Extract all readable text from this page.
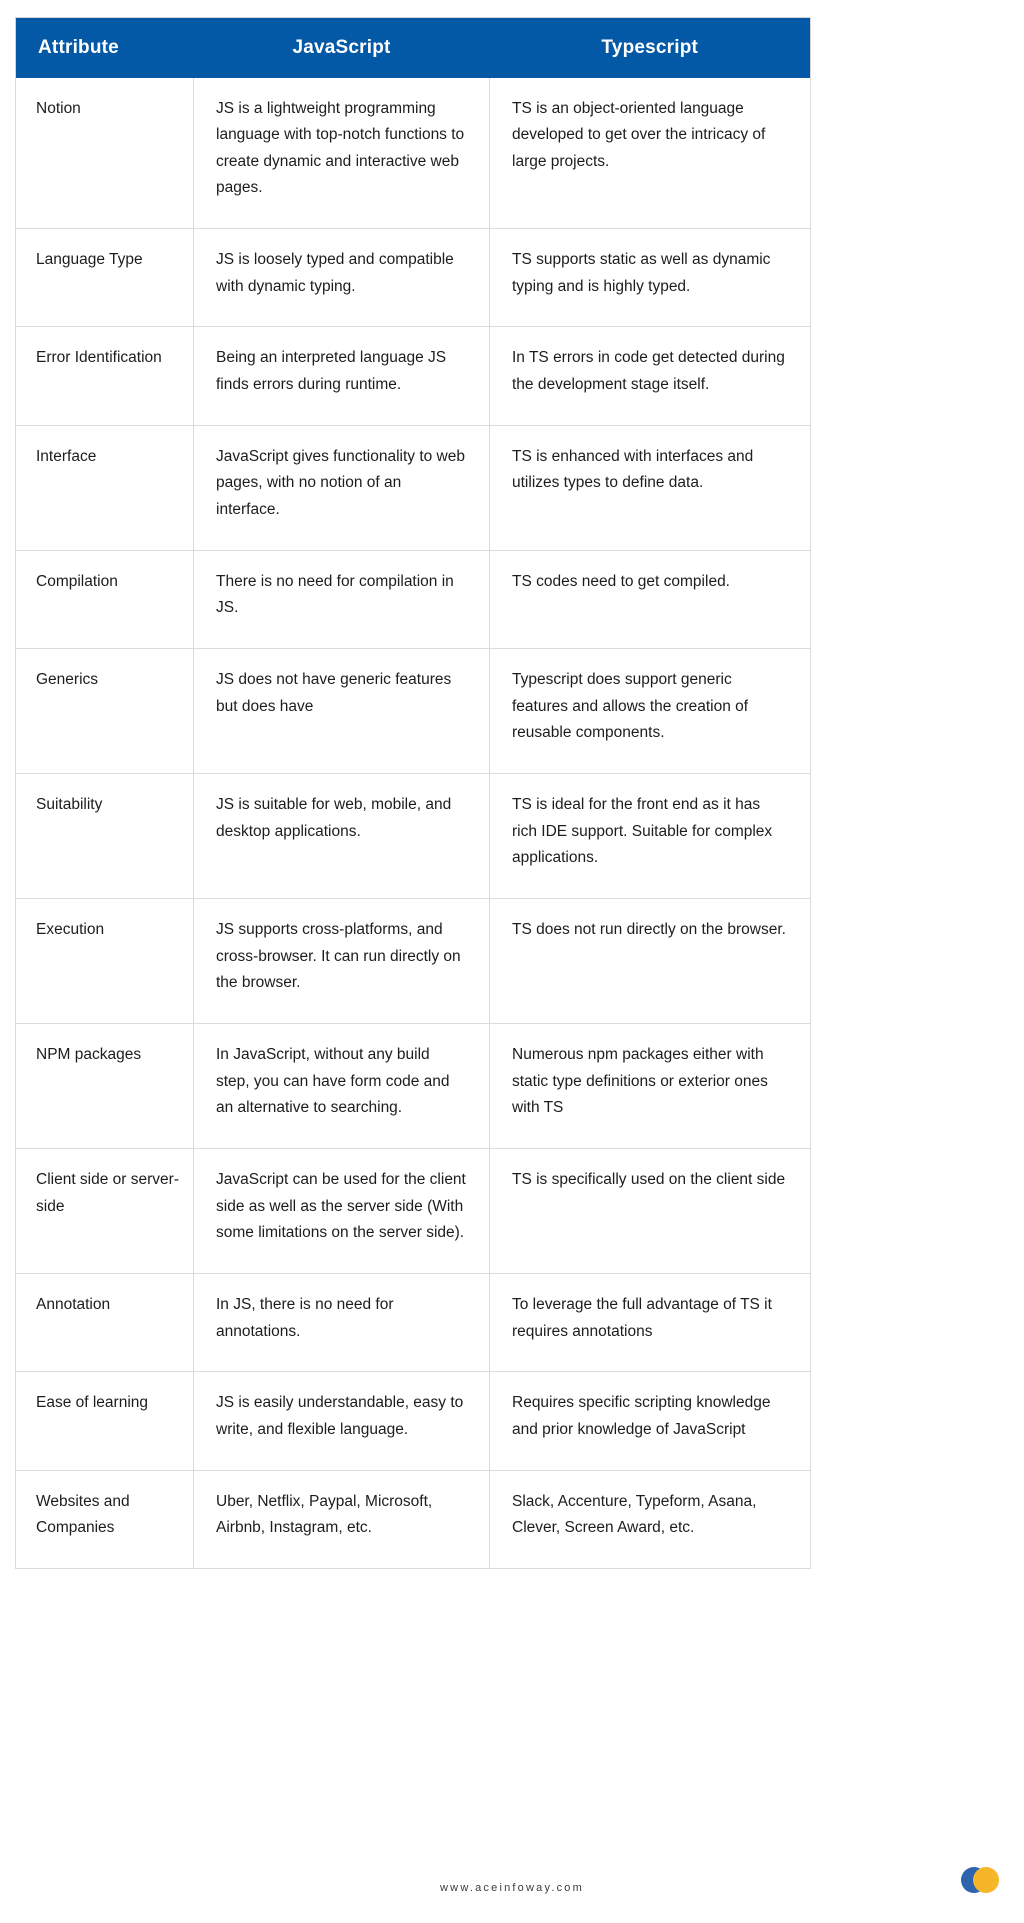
Attribute	JavaScript	Typescript
Notion	JS is a lightweight programming language with top-notch functions to create dynamic and interactive web pages.	TS is an object-oriented language developed to get over the intricacy of large projects.
Language Type	JS is loosely typed and compatible with dynamic typing.	TS supports static as well as dynamic typing and is highly typed.
Error Identification	Being an interpreted language JS finds errors during runtime.	In TS errors in code get detected during the development stage itself.
Interface	JavaScript gives functionality to web pages, with no notion of an interface.	TS is enhanced with interfaces and utilizes types to define data.
Compilation	There is no need for compilation in JS.	TS codes need to get compiled.
Generics	JS does not have generic features but does have	Typescript does support generic features and allows the creation of reusable components.
Suitability	JS is suitable for web, mobile, and desktop applications.	TS is ideal for the front end as it has rich IDE support. Suitable for complex applications.
Execution	JS supports cross-platforms, and cross-browser. It can run directly on the browser.	TS does not run directly on the browser.
NPM packages	In JavaScript, without any build step, you can have form code and an alternative to searching.	Numerous npm packages either with static type definitions or exterior ones with TS
Client side or server-side	JavaScript can be used for the client side as well as the server side (With some limitations on the server side).	TS is specifically used on the client side
Annotation	In JS, there is no need for annotations.	To leverage the full advantage of TS it requires annotations
Ease of learning	JS is easily understandable, easy to write, and flexible language.	Requires specific scripting knowledge and prior knowledge of JavaScript
Websites and Companies	Uber, Netflix, Paypal, Microsoft, Airbnb, Instagram, etc.	Slack, Accenture, Typeform, Asana, Clever, Screen Award, etc.
www.aceinfoway.com
